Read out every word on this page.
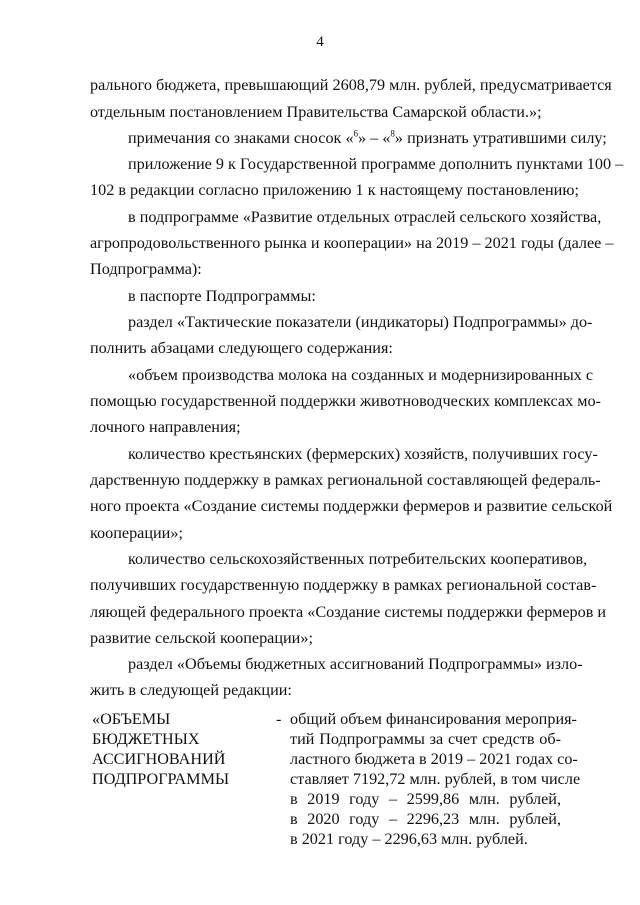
4
рального бюджета, превышающий 2608,79 млн. рублей, предусматривается
отдельным постановлением Правительства Самарской области.»;
примечания со знаками сносок «$^6$» – «$^8$» признать утратившими силу;
приложение 9 к Государственной программе дополнить пунктами 100 –
102 в редакции согласно приложению 1 к настоящему постановлению;
в подпрограмме «Развитие отдельных отраслей сельского хозяйства,
агропродовольственного рынка и кооперации» на 2019 – 2021 годы (далее –
Подпрограмма):
в паспорте Подпрограммы:
раздел «Тактические показатели (индикаторы) Подпрограммы» до-
полнить абзацами следующего содержания:
«объем производства молока на созданных и модернизированных с
помощью государственной поддержки животноводческих комплексах мо-
лочного направления;
количество крестьянских (фермерских) хозяйств, получивших госу-
дарственную поддержку в рамках региональной составляющей федераль-
ного проекта «Создание системы поддержки фермеров и развитие сельской
кооперации»;
количество сельскохозяйственных потребительских кооперативов,
получивших государственную поддержку в рамках региональной состав-
ляющей федерального проекта «Создание системы поддержки фермеров и
развитие сельской кооперации»;
раздел «Объемы бюджетных ассигнований Подпрограммы» изло-
жить в следующей редакции:
«ОБЪЕМЫ
БЮДЖЕТНЫХ
АССИГНОВАНИЙ
ПОДПРОГРАММЫ
- общий объем финансирования мероприя-
тий Подпрограммы за счет средств об-
ластного бюджета в 2019 – 2021 годах со-
ставляет 7192,72 млн. рублей, в том числе
в 2019 году – 2599,86 млн. рублей,
в 2020 году – 2296,23 млн. рублей,
в 2021 году – 2296,63 млн. рублей.
